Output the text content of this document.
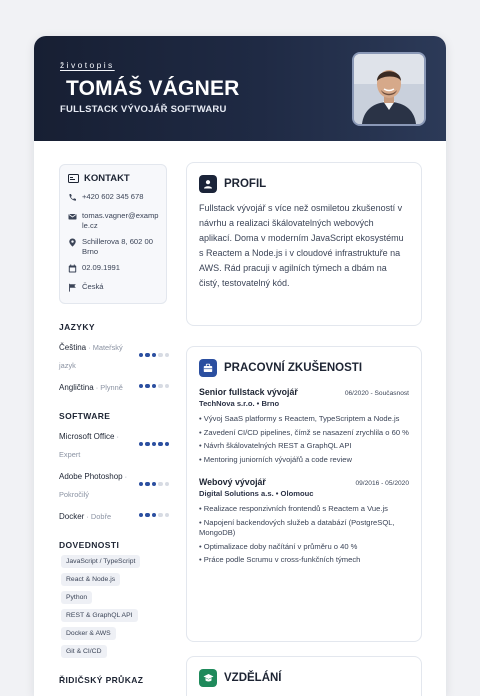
životopis
TOMÁŠ VÁGNER
FULLSTACK VÝVOJÁŘ SOFTWARU
KONTAKT
+420 602 345 678
tomas.vagner@example.cz
Schillerova 8, 602 00 Brno
02.09.1991
Česká
JAZYKY
Čeština · Mateřský jazyk
Angličtina · Plynně
SOFTWARE
Microsoft Office · Expert
Adobe Photoshop · Pokročilý
Docker · Dobře
DOVEDNOSTI
JavaScript / TypeScript
React & Node.js
Python
REST & GraphQL API
Docker & AWS
Git & CI/CD
ŘIDIČSKÝ PRŮKAZ
PROFIL
Fullstack vývojář s více než osmiletou zkušeností v návrhu a realizaci škálovatelných webových aplikací. Doma v moderním JavaScript ekosystému s Reactem a Node.js i v cloudové infrastruktuře na AWS. Rád pracuji v agilních týmech a dbám na čistý, testovatelný kód.
PRACOVNÍ ZKUŠENOSTI
Senior fullstack vývojář	06/2020 - Současnost
TechNova s.r.o. • Brno
• Vývoj SaaS platformy s Reactem, TypeScriptem a Node.js
• Zavedení CI/CD pipelines, čímž se nasazení zrychlila o 60 %
• Návrh škálovatelných REST a GraphQL API
• Mentoring juniorních vývojářů a code review
Webový vývojář	09/2016 - 05/2020
Digital Solutions a.s. • Olomouc
• Realizace responzivních frontendů s Reactem a Vue.js
• Napojení backendových služeb a databází (PostgreSQL, MongoDB)
• Optimalizace doby načítání v průměru o 40 %
• Práce podle Scrumu v cross-funkčních týmech
VZDĚLÁNÍ
